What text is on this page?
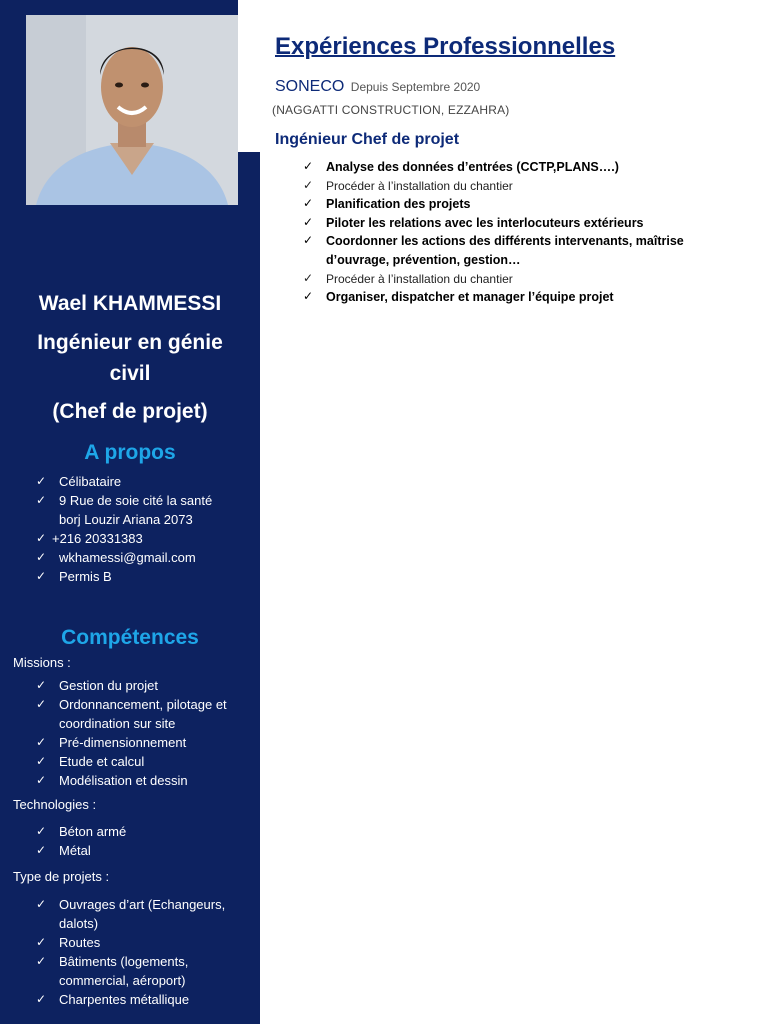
Wael KHAMMESSI
Ingénieur en génie
civil
(Chef de projet)
A propos
✓ Célibataire
✓ 9 Rue de soie cité la santé borj Louzir Ariana 2073
✓ +216 20331383
✓ wkhamessi@gmail.com
✓ Permis B
Compétences
Missions :
✓ Gestion du projet
✓ Ordonnancement, pilotage et coordination sur site
✓ Pré-dimensionnement
✓ Etude et calcul
✓ Modélisation et dessin
Technologies :
✓ Béton armé
✓ Métal
Type de projets :
✓ Ouvrages d’art (Echangeurs, dalots)
✓ Routes
✓ Bâtiments (logements, commercial, aéroport)
✓ Charpentes métallique
Expériences Professionnelles
SONECO Depuis Septembre 2020
(NAGGATTI CONSTRUCTION, EZZAHRA)
Ingénieur Chef de projet
✓ Analyse des données d’entrées (CCTP,PLANS….)
✓ Procéder à l’installation du chantier
✓ Planification des projets
✓ Piloter les relations avec les interlocuteurs extérieurs
✓ Coordonner les actions des différents intervenants, maîtrise d’ouvrage, prévention, gestion…
✓ Procéder à l’installation du chantier
✓ Organiser, dispatcher et manager l’équipe projet
